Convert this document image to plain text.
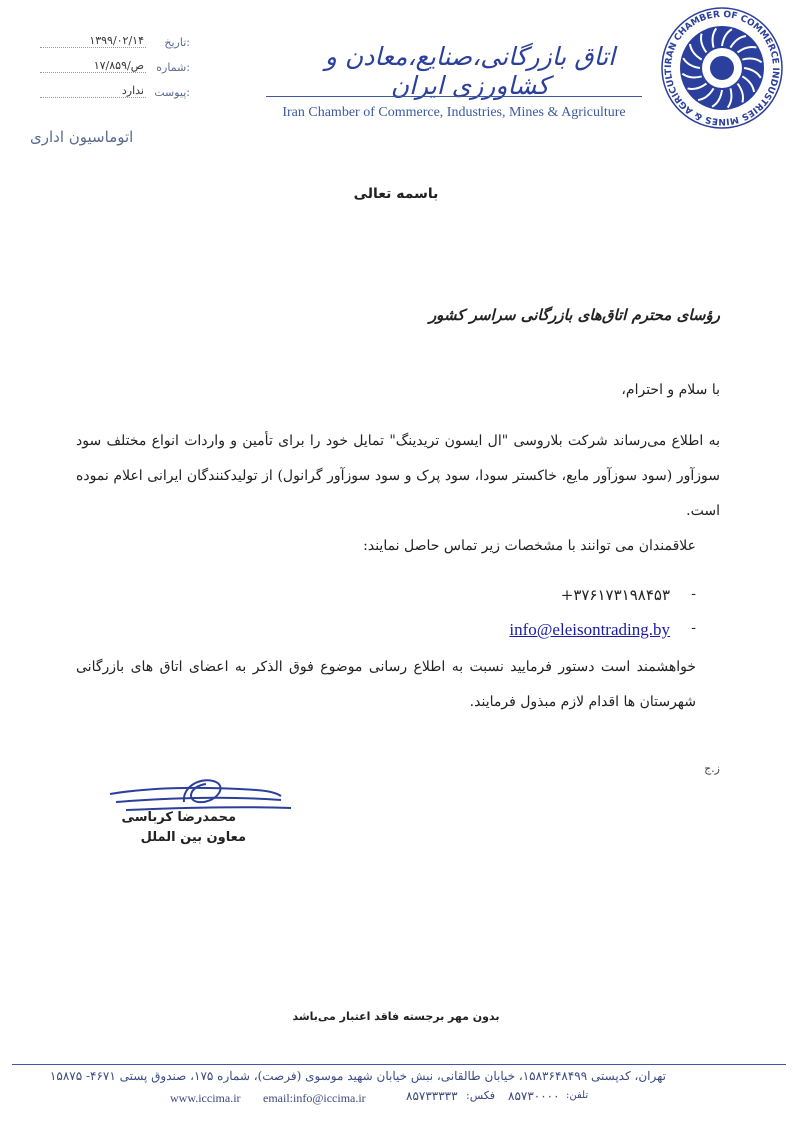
تاریخ:
۱۳۹۹/۰۲/۱۴
شماره:
۱۷/۸۵۹/ص
پیوست:
ندارد
اتاق بازرگانی،صنایع،معادن و کشاورزی ایران
Iran Chamber of Commerce, Industries, Mines & Agriculture
IRAN CHAMBER OF COMMERCE INDUSTRIES MINES & AGRICULT
اتوماسیون اداری
باسمه تعالی
رؤسای محترم اتاق‌های بازرگانی سراسر کشور
با سلام و احترام،
به اطلاع می‌رساند شرکت بلاروسی "ال ایسون تریدینگ" تمایل خود را برای تأمین و واردات انواع مختلف سود سوزآور (سود سوزآور مایع، خاکستر سودا، سود پرک و سود سوزآور گرانول) از تولیدکنندگان ایرانی اعلام نموده است.
علاقمندان می توانند با مشخصات زیر تماس حاصل نمایند:
-
+۳۷۶۱۷۳۱۹۸۴۵۳
-
info@eleisontrading.by
خواهشمند است دستور فرمایید نسبت به اطلاع رسانی موضوع فوق الذکر به اعضای اتاق های بازرگانی شهرستان ها اقدام لازم مبذول فرمایند.
ز.ج
محمدرضا کرباسی
معاون بین الملل
بدون مهر برجسته فاقد اعتبار می‌باشد
تهران، کدپستی ۱۵۸۳۶۴۸۴۹۹، خیابان طالقانی، نبش خیابان شهید موسوی (فرصت)، شماره ۱۷۵، صندوق پستی ۴۶۷۱- ۱۵۸۷۵
www.iccima.ir email:info@iccima.ir	۸۵۷۳۳۳۳۳ فکس: ۸۵۷۳۰۰۰۰ تلفن:
